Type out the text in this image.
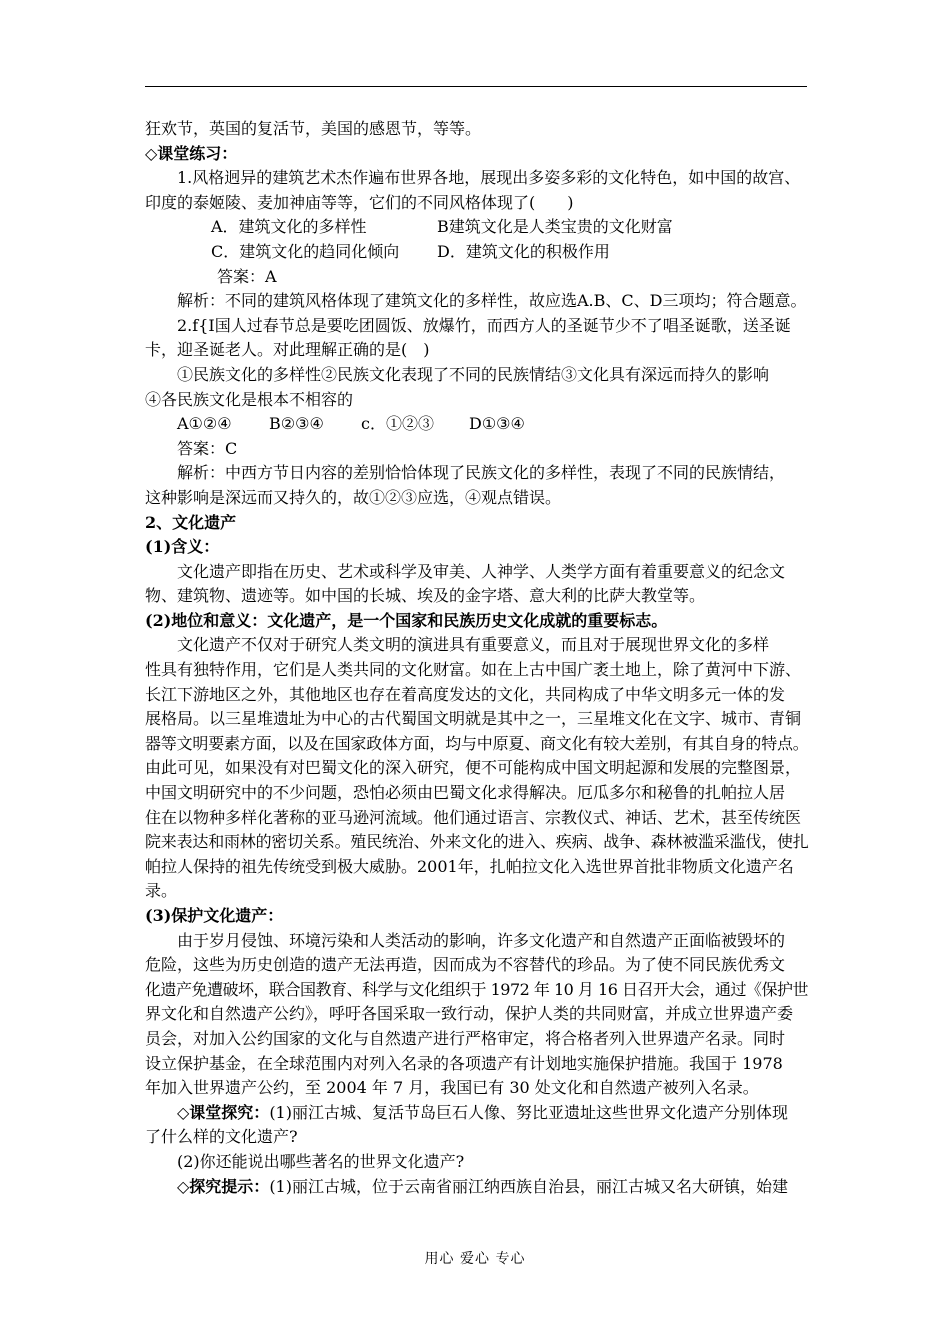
狂欢节，英国的复活节，美国的感恩节，等等。

◇课堂练习：

1.风格迥异的建筑艺术杰作遍布世界各地，展现出多姿多彩的文化特色，如中国的故宫、

印度的泰姬陵、麦加神庙等等，它们的不同风格体现了(　　)

A．建筑文化的多样性	B建筑文化是人类宝贵的文化财富

C．建筑文化的趋同化倾向 D．建筑文化的积极作用

答案：A

解析：不同的建筑风格体现了建筑文化的多样性，故应选A.B、C、D三项均；符合题意。

2.f{I国人过春节总是要吃团圆饭、放爆竹，而西方人的圣诞节少不了唱圣诞歌，送圣诞

卡，迎圣诞老人。对此理解正确的是(　)

①民族文化的多样性②民族文化表现了不同的民族情结③文化具有深远而持久的影响

④各民族文化是根本不相容的

A①②④ B②③④ c．①②③ D①③④

答案：C

解析：中西方节日内容的差别恰恰体现了民族文化的多样性，表现了不同的民族情结，

这种影响是深远而又持久的，故①②③应选，④观点错误。

2、文化遗产

(1)含义：

文化遗产即指在历史、艺术或科学及审美、人神学、人类学方面有着重要意义的纪念文

物、建筑物、遗迹等。如中国的长城、埃及的金字塔、意大利的比萨大教堂等。

(2)地位和意义：文化遗产，是一个国家和民族历史文化成就的重要标志。

文化遗产不仅对于研究人类文明的演进具有重要意义，而且对于展现世界文化的多样

性具有独特作用，它们是人类共同的文化财富。如在上古中国广袤土地上，除了黄河中下游、

长江下游地区之外，其他地区也存在着高度发达的文化，共同构成了中华文明多元一体的发

展格局。以三星堆遗址为中心的古代蜀国文明就是其中之一，三星堆文化在文字、城市、青铜

器等文明要素方面，以及在国家政体方面，均与中原夏、商文化有较大差别，有其自身的特点。

由此可见，如果没有对巴蜀文化的深入研究，便不可能构成中国文明起源和发展的完整图景，

中国文明研究中的不少问题，恐怕必须由巴蜀文化求得解决。厄瓜多尔和秘鲁的扎帕拉人居

住在以物种多样化著称的亚马逊河流域。他们通过语言、宗教仪式、神话、艺术，甚至传统医

院来表达和雨林的密切关系。殖民统治、外来文化的进入、疾病、战争、森林被滥采滥伐，使扎

帕拉人保持的祖先传统受到极大威胁。2001年，扎帕拉文化入选世界首批非物质文化遗产名

录。

(3)保护文化遗产：

由于岁月侵蚀、环境污染和人类活动的影响，许多文化遗产和自然遗产正面临被毁坏的

危险，这些为历史创造的遗产无法再造，因而成为不容替代的珍品。为了使不同民族优秀文

化遗产免遭破坏，联合国教育、科学与文化组织于 1972 年 10 月 16 日召开大会，通过《保护世

界文化和自然遗产公约》，呼吁各国采取一致行动，保护人类的共同财富，并成立世界遗产委

员会，对加入公约国家的文化与自然遗产进行严格审定，将合格者列入世界遗产名录。同时

设立保护基金，在全球范围内对列入名录的各项遗产有计划地实施保护措施。我国于 1978

年加入世界遗产公约，至 2004 年 7 月，我国已有 30 处文化和自然遗产被列入名录。

◇课堂探究：(1)丽江古城、复活节岛巨石人像、努比亚遗址这些世界文化遗产分别体现

了什么样的文化遗产?

(2)你还能说出哪些著名的世界文化遗产?

◇探究提示：(1)丽江古城，位于云南省丽江纳西族自治县，丽江古城又名大研镇，始建

用心 爱心 专心
